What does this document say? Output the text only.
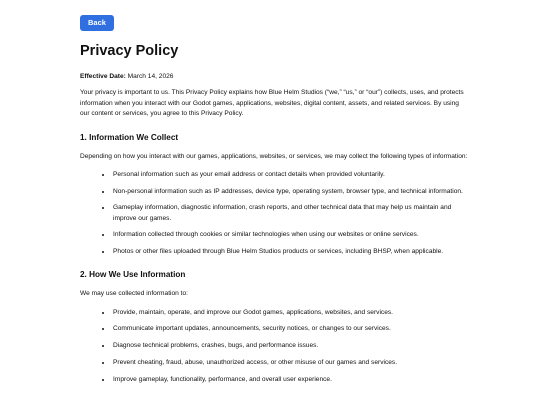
Back
Privacy Policy

Effective Date: March 14, 2026

Your privacy is important to us. This Privacy Policy explains how Blue Helm Studios (“we,” “us,” or “our”) collects, uses, and protects information when you interact with our Godot games, applications, websites, digital content, assets, and related services. By using our content or services, you agree to this Privacy Policy.

1. Information We Collect

Depending on how you interact with our games, applications, websites, or services, we may collect the following types of information:

• Personal information such as your email address or contact details when provided voluntarily.
• Non-personal information such as IP addresses, device type, operating system, browser type, and technical information.
• Gameplay information, diagnostic information, crash reports, and other technical data that may help us maintain and improve our games.
• Information collected through cookies or similar technologies when using our websites or online services.
• Photos or other files uploaded through Blue Helm Studios products or services, including BHSP, when applicable.
2. How We Use Information

We may use collected information to:

• Provide, maintain, operate, and improve our Godot games, applications, websites, and services.
• Communicate important updates, announcements, security notices, or changes to our services.
• Diagnose technical problems, crashes, bugs, and performance issues.
• Prevent cheating, fraud, abuse, unauthorized access, or other misuse of our games and services.
• Improve gameplay, functionality, performance, and overall user experience.
